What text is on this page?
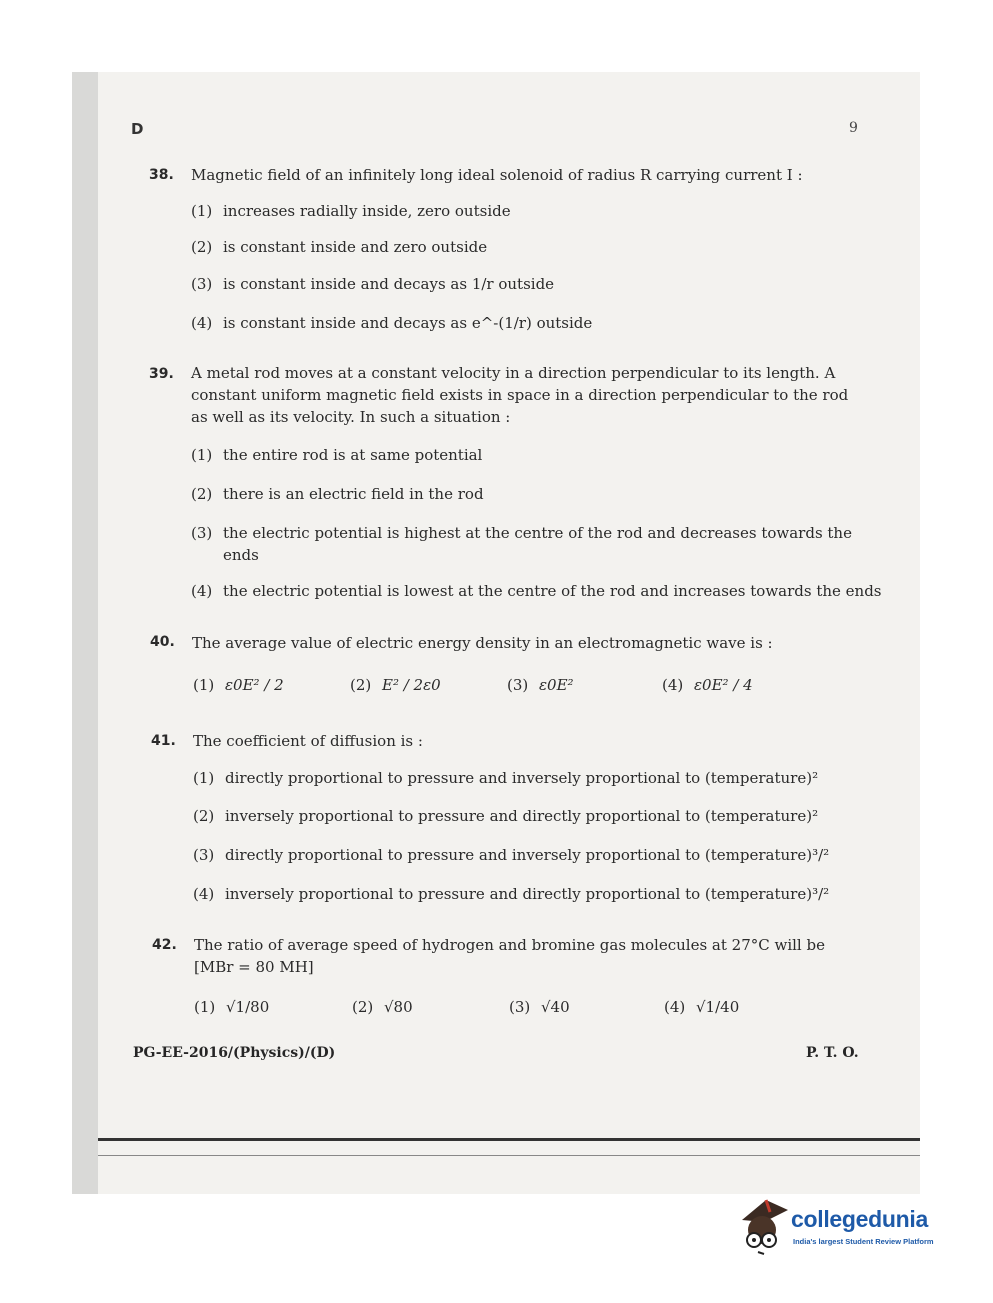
D	9
38. Magnetic field of an infinitely long ideal solenoid of radius R carrying current I :
(1) increases radially inside, zero outside
(2) is constant inside and zero outside
(3) is constant inside and decays as 1/r outside
(4) is constant inside and decays as e^-(1/r) outside
39. A metal rod moves at a constant velocity in a direction perpendicular to its length. A constant uniform magnetic field exists in space in a direction perpendicular to the rod as well as its velocity. In such a situation :
(1) the entire rod is at same potential
(2) there is an electric field in the rod
(3) the electric potential is highest at the centre of the rod and decreases towards the ends
(4) the electric potential is lowest at the centre of the rod and increases towards the ends
40. The average value of electric energy density in an electromagnetic wave is :
(1) ε0E² / 2	(2) E² / 2ε0	(3) ε0E²	(4) ε0E² / 4
41. The coefficient of diffusion is :
(1) directly proportional to pressure and inversely proportional to (temperature)²
(2) inversely proportional to pressure and directly proportional to (temperature)²
(3) directly proportional to pressure and inversely proportional to (temperature)³/²
(4) inversely proportional to pressure and directly proportional to (temperature)³/²
42. The ratio of average speed of hydrogen and bromine gas molecules at 27°C will be
[MBr = 80 MH]
(1) √1/80	(2) √80	(3) √40	(4) √1/40
PG-EE-2016/(Physics)/(D)	P. T. O.
collegedunia
India's largest Student Review Platform
